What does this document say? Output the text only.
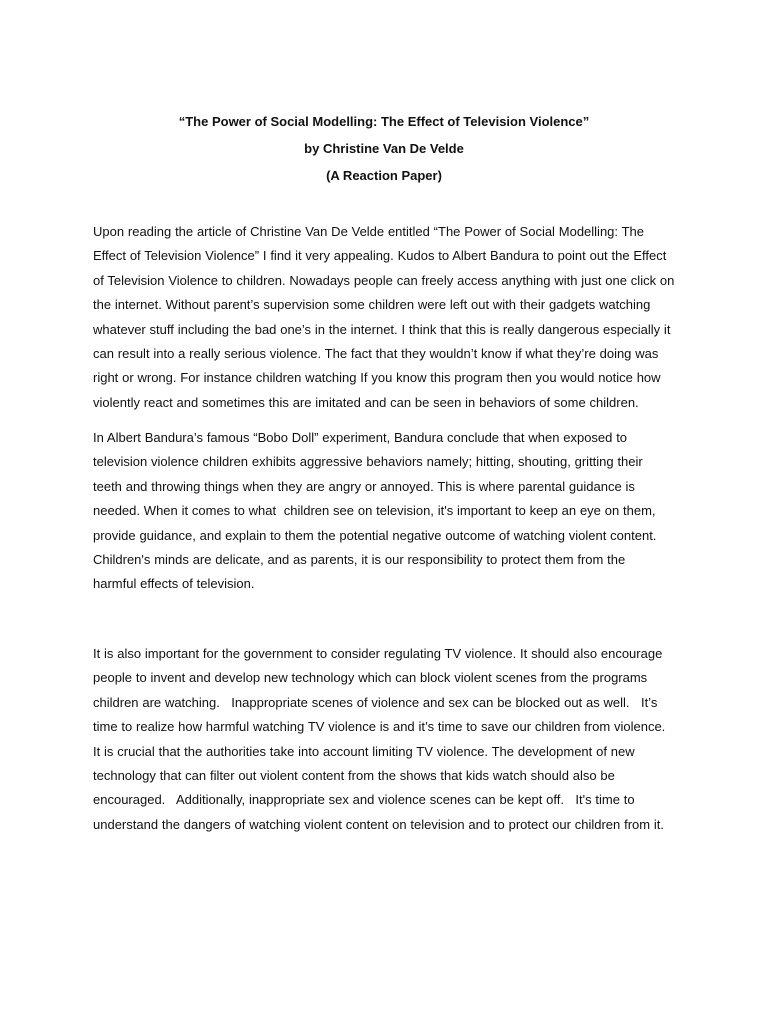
“The Power of Social Modelling: The Effect of Television Violence”
by Christine Van De Velde
(A Reaction Paper)
Upon reading the article of Christine Van De Velde entitled “The Power of Social Modelling: The
Effect of Television Violence” I find it very appealing. Kudos to Albert Bandura to point out the Effect
of Television Violence to children. Nowadays people can freely access anything with just one click on
the internet. Without parent’s supervision some children were left out with their gadgets watching
whatever stuff including the bad one’s in the internet. I think that this is really dangerous especially it
can result into a really serious violence. The fact that they wouldn’t know if what they’re doing was
right or wrong. For instance children watching If you know this program then you would notice how
violently react and sometimes this are imitated and can be seen in behaviors of some children.
In Albert Bandura’s famous “Bobo Doll” experiment, Bandura conclude that when exposed to
television violence children exhibits aggressive behaviors namely; hitting, shouting, gritting their
teeth and throwing things when they are angry or annoyed. This is where parental guidance is
needed. When it comes to what  children see on television, it's important to keep an eye on them,
provide guidance, and explain to them the potential negative outcome of watching violent content.
Children's minds are delicate, and as parents, it is our responsibility to protect them from the
harmful effects of television.
It is also important for the government to consider regulating TV violence. It should also encourage
people to invent and develop new technology which can block violent scenes from the programs
children are watching.   Inappropriate scenes of violence and sex can be blocked out as well.   It’s
time to realize how harmful watching TV violence is and it’s time to save our children from violence.
It is crucial that the authorities take into account limiting TV violence. The development of new
technology that can filter out violent content from the shows that kids watch should also be
encouraged.   Additionally, inappropriate sex and violence scenes can be kept off.   It's time to
understand the dangers of watching violent content on television and to protect our children from it.
